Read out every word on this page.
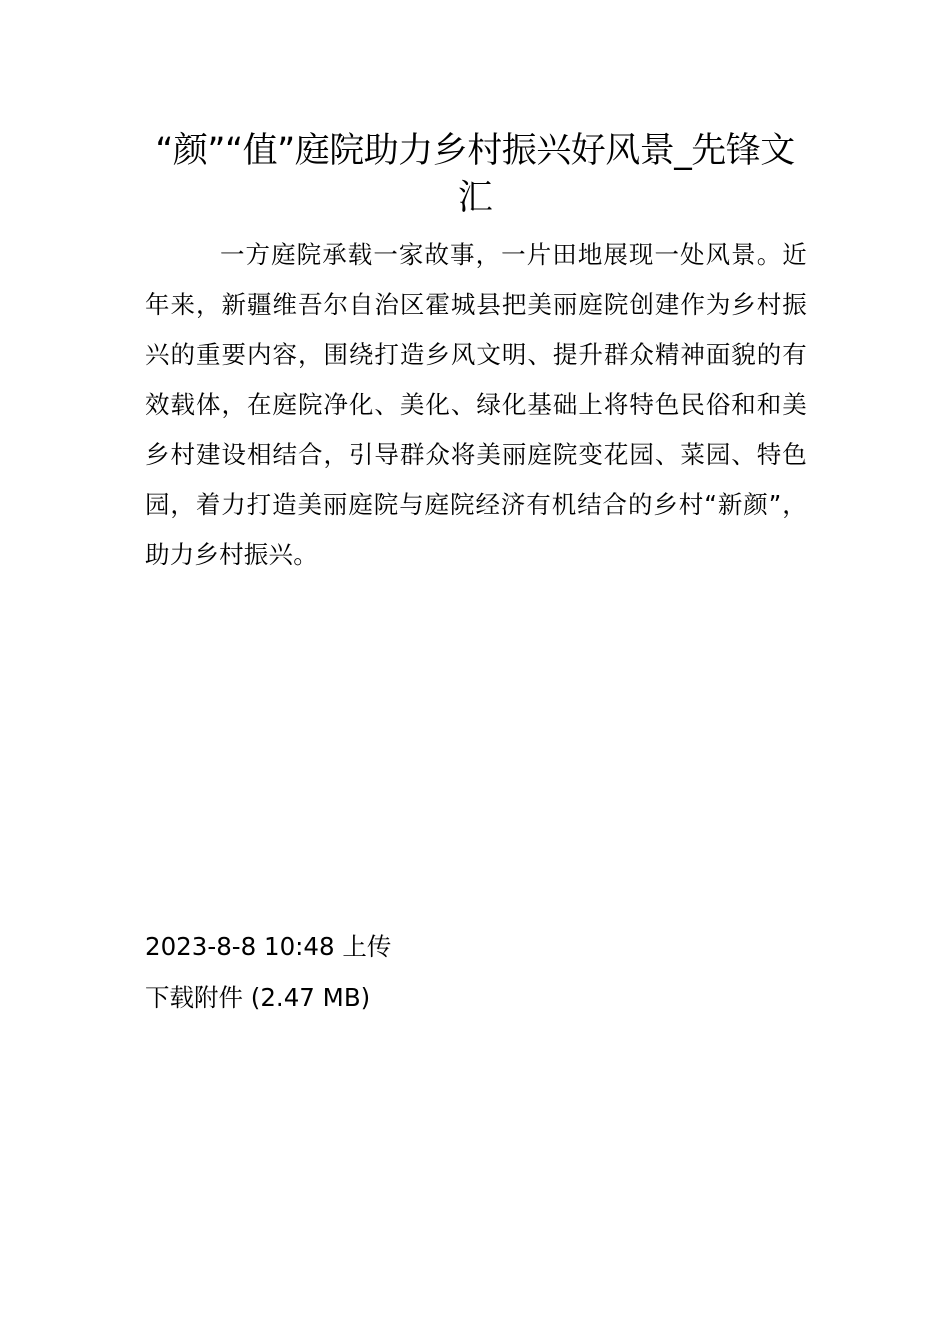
“颜”“值”庭院助力乡村振兴好风景_先锋文汇

一方庭院承载一家故事，一片田地展现一处风景。近年来，新疆维吾尔自治区霍城县把美丽庭院创建作为乡村振兴的重要内容，围绕打造乡风文明、提升群众精神面貌的有效载体，在庭院净化、美化、绿化基础上将特色民俗和和美乡村建设相结合，引导群众将美丽庭院变花园、菜园、特色园，着力打造美丽庭院与庭院经济有机结合的乡村“新颜”，助力乡村振兴。

2023-8-8 10:48 上传
下载附件 (2.47 MB)
